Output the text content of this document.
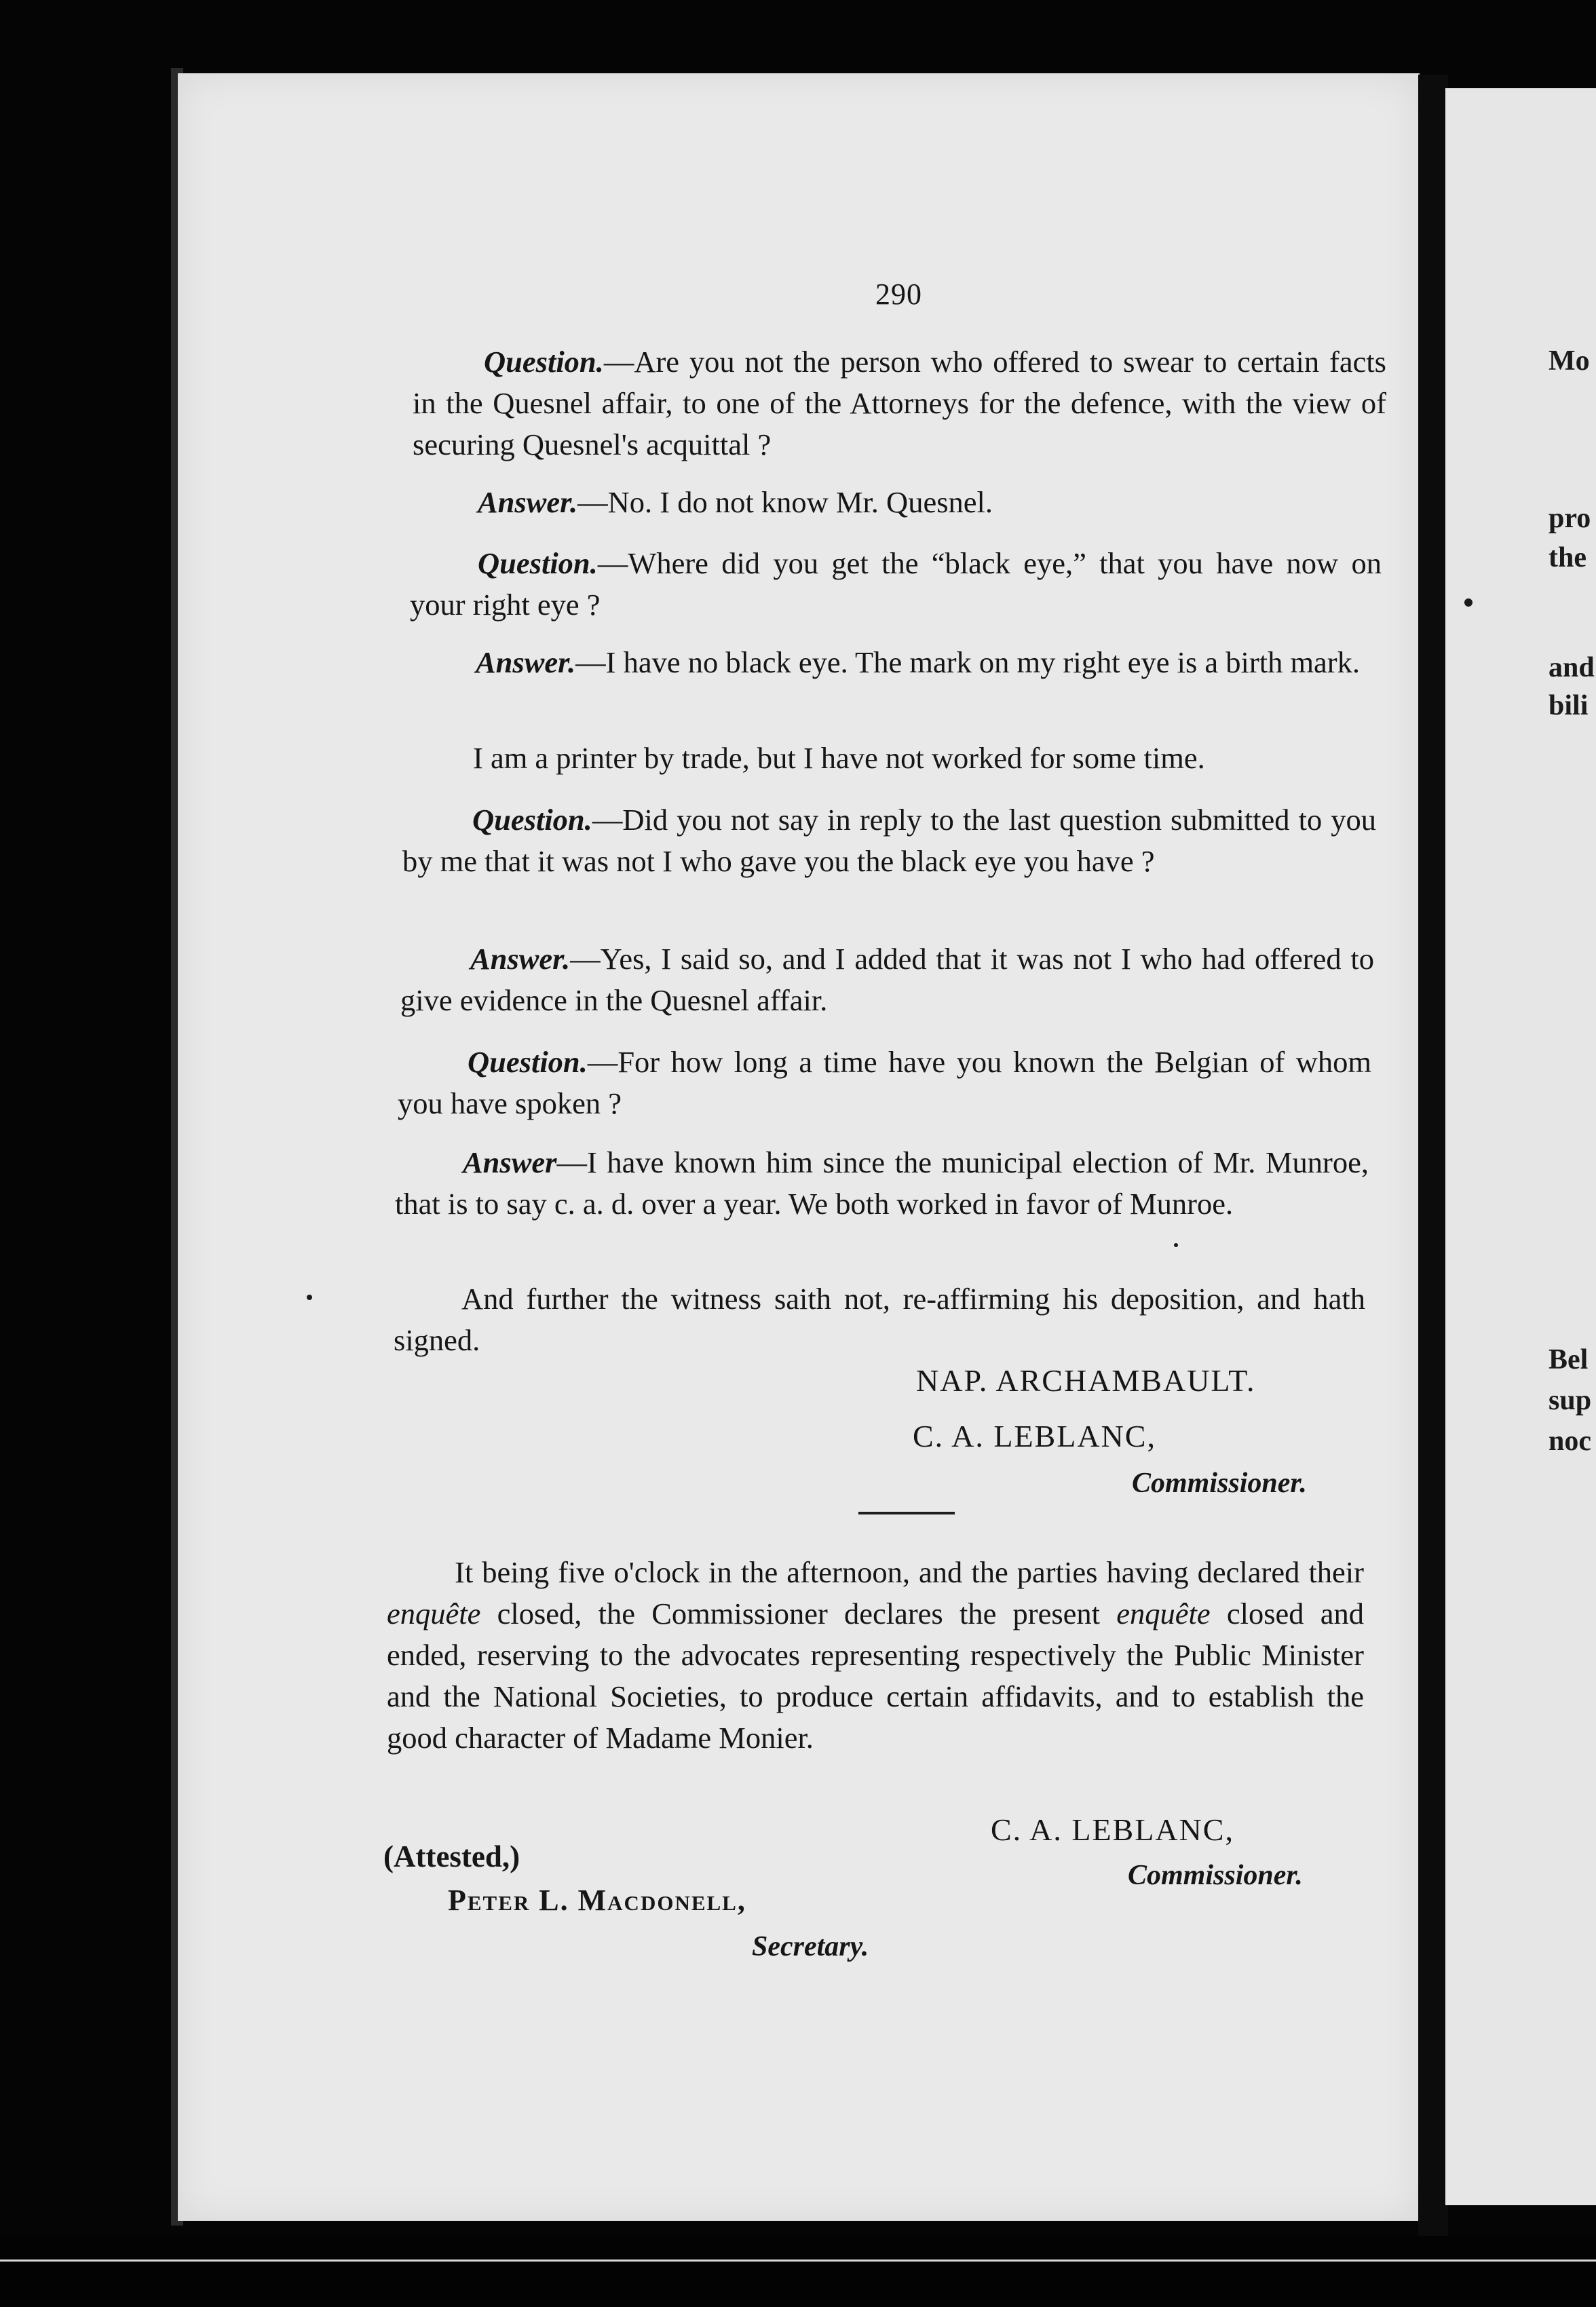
290

Question.—Are you not the person who offered to swear to certain facts in the Quesnel affair, to one of the Attorneys for the defence, with the view of securing Quesnel's acquittal ?

Answer.—No. I do not know Mr. Quesnel.

Question.—Where did you get the “black eye,” that you have now on your right eye ?

Answer.—I have no black eye. The mark on my right eye is a birth mark.

I am a printer by trade, but I have not worked for some time.

Question.—Did you not say in reply to the last question submitted to you by me that it was not I who gave you the black eye you have ?

Answer.—Yes, I said so, and I added that it was not I who had offered to give evidence in the Quesnel affair.

Question.—For how long a time have you known the Belgian of whom you have spoken ?

Answer—I have known him since the municipal election of Mr. Munroe, that is to say c. a. d. over a year. We both worked in favor of Munroe.

And further the witness saith not, re-affirming his deposition, and hath signed.

NAP. ARCHAMBAULT.
C. A. LEBLANC,
Commissioner.

It being five o'clock in the afternoon, and the parties having declared their enquête closed, the Commissioner declares the present enquête closed and ended, reserving to the advocates representing respectively the Public Minister and the National Societies, to produce certain affidavits, and to establish the good character of Madame Monier.

C. A. LEBLANC,
Commissioner.
(Attested,)
Peter L. Macdonell,
Secretary.
Mo
pro
the
and
bili
Bel
sup
noc
